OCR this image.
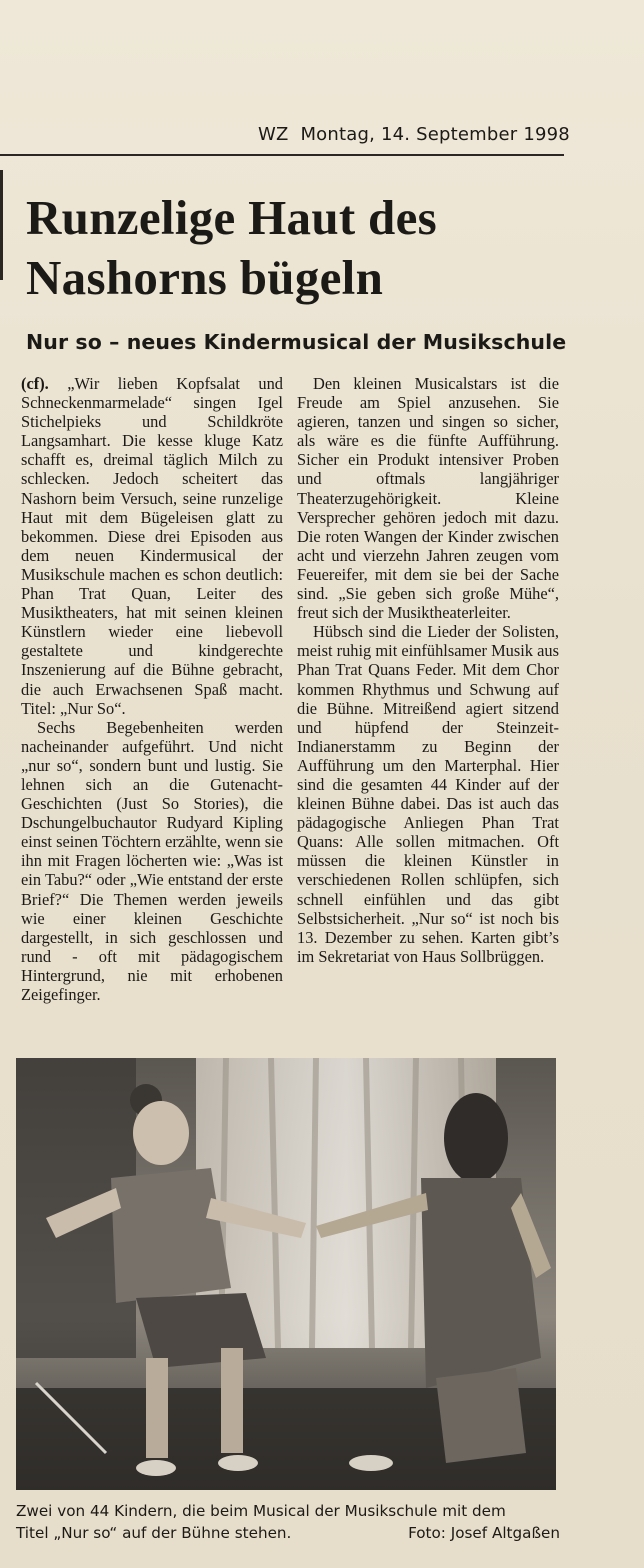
WZ Montag, 14. September 1998
Runzelige Haut des Nashorns bügeln
Nur so – neues Kindermusical der Musikschule

(cf). „Wir lieben Kopfsalat und Schneckenmarmelade“ singen Igel Stichelpieks und Schildkröte Langsamhart. Die kesse kluge Katz schafft es, dreimal täglich Milch zu schlecken. Jedoch scheitert das Nashorn beim Versuch, seine runzelige Haut mit dem Bügeleisen glatt zu bekommen. Diese drei Episoden aus dem neuen Kindermusical der Musikschule machen es schon deutlich: Phan Trat Quan, Leiter des Musiktheaters, hat mit seinen kleinen Künstlern wieder eine liebevoll gestaltete und kindgerechte Inszenierung auf die Bühne gebracht, die auch Erwachsenen Spaß macht. Titel: „Nur So“.

Sechs Begebenheiten werden nacheinander aufgeführt. Und nicht „nur so“, sondern bunt und lustig. Sie lehnen sich an die Gutenacht-Geschichten (Just So Stories), die Dschungelbuchautor Rudyard Kipling einst seinen Töchtern erzählte, wenn sie ihn mit Fragen löcherten wie: „Was ist ein Tabu?“ oder „Wie entstand der erste Brief?“ Die Themen werden jeweils wie einer kleinen Geschichte dargestellt, in sich geschlossen und rund - oft mit pädagogischem Hintergrund, nie mit erhobenen Zeigefinger.

Den kleinen Musicalstars ist die Freude am Spiel anzusehen. Sie agieren, tanzen und singen so sicher, als wäre es die fünfte Aufführung. Sicher ein Produkt intensiver Proben und oftmals langjähriger Theaterzugehörigkeit. Kleine Versprecher gehören jedoch mit dazu. Die roten Wangen der Kinder zwischen acht und vierzehn Jahren zeugen vom Feuereifer, mit dem sie bei der Sache sind. „Sie geben sich große Mühe“, freut sich der Musiktheaterleiter.

Hübsch sind die Lieder der Solisten, meist ruhig mit einfühlsamer Musik aus Phan Trat Quans Feder. Mit dem Chor kommen Rhythmus und Schwung auf die Bühne. Mitreißend agiert sitzend und hüpfend der Steinzeit-Indianerstamm zu Beginn der Aufführung um den Marterphal. Hier sind die gesamten 44 Kinder auf der kleinen Bühne dabei. Das ist auch das pädagogische Anliegen Phan Trat Quans: Alle sollen mitmachen. Oft müssen die kleinen Künstler in verschiedenen Rollen schlüpfen, sich schnell einfühlen und das gibt Selbstsicherheit. „Nur so“ ist noch bis 13. Dezember zu sehen. Karten gibt’s im Sekretariat von Haus Sollbrüggen.

Zwei von 44 Kindern, die beim Musical der Musikschule mit dem
Titel „Nur so“ auf der Bühne stehen.	Foto: Josef Altgaßen
